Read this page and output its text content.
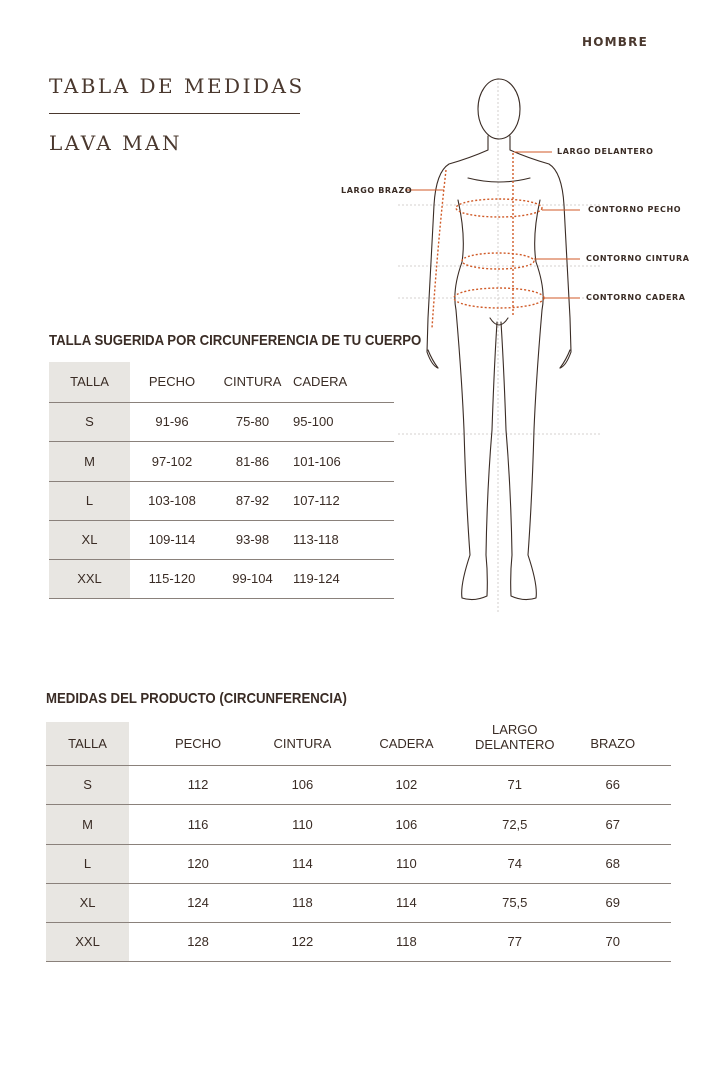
HOMBRE
TABLA DE MEDIDAS
LAVA MAN	LARGO DELANTERO
LARGO BRAZO
CONTORNO PECHO
CONTORNO CINTURA
CONTORNO CADERA
TALLA SUGERIDA POR CIRCUNFERENCIA DE TU CUERPO
TALLA	PECHO	CINTURA	CADERA
S	91-96	75-80	95-100
M	97-102	81-86	101-106
L	103-108	87-92	107-112
XL	109-114	93-98	113-118
XXL	115-120	99-104	119-124
MEDIDAS DEL PRODUCTO (CIRCUNFERENCIA)
TALLA	PECHO	CINTURA	CADERA	LARGO DELANTERO	BRAZO
S	112	106	102	71	66
M	116	110	106	72,5	67
L	120	114	110	74	68
XL	124	118	114	75,5	69
XXL	128	122	118	77	70
